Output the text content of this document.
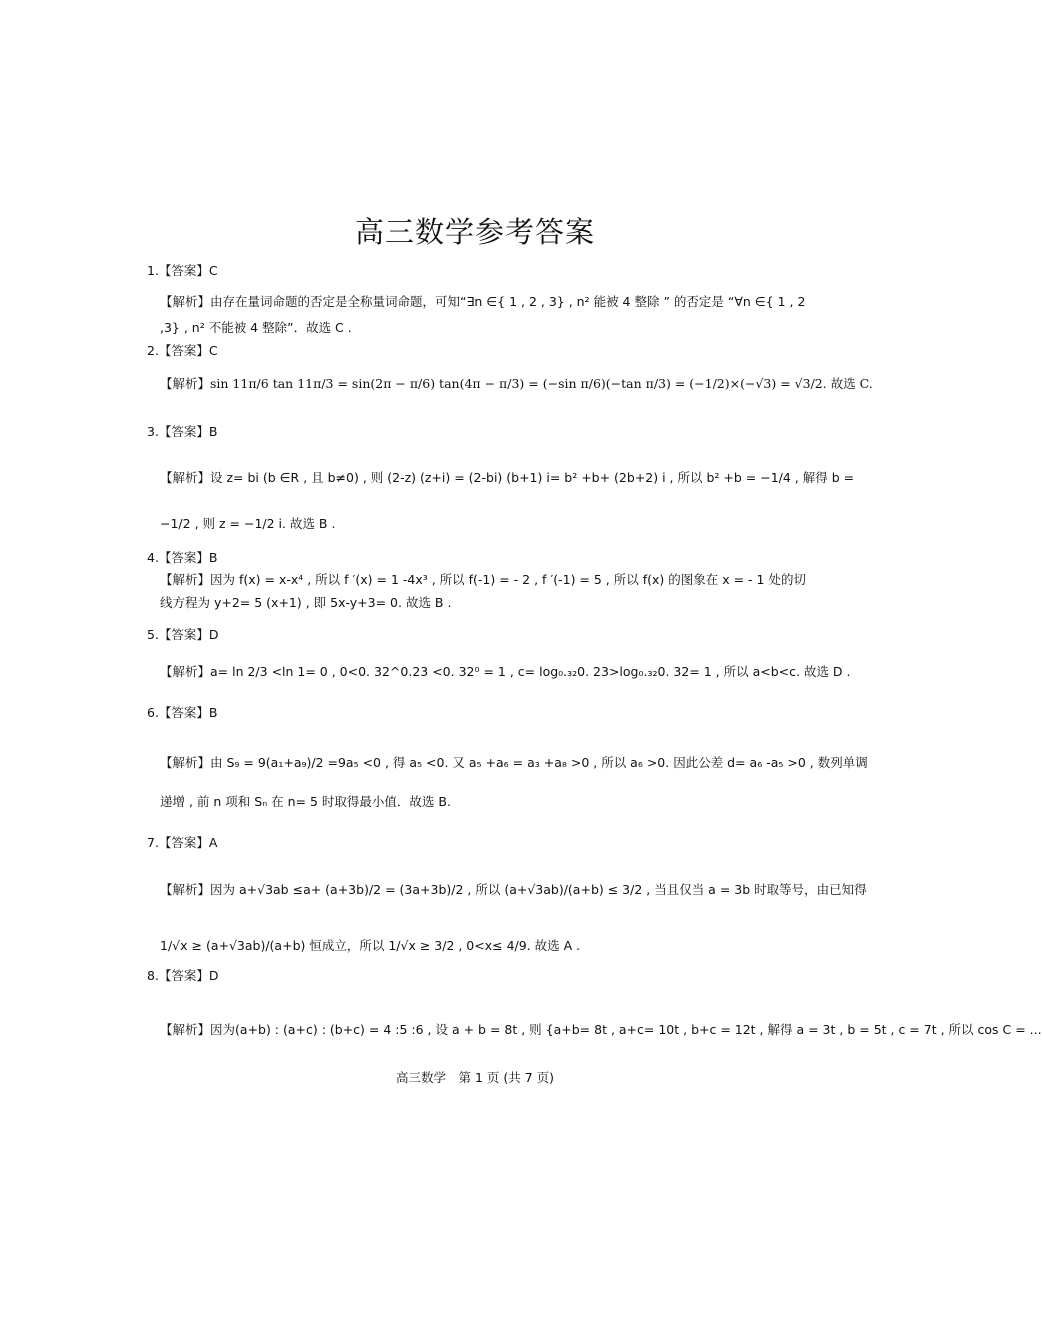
高三数学参考答案
1.【答案】C
【解析】由存在量词命题的否定是全称量词命题，可知“∃n ∈{ 1 , 2 , 3} , n² 能被 4 整除 ” 的否定是 “∀n ∈{ 1 , 2
,3} , n² 不能被 4 整除”．故选 C .
2.【答案】C
【解析】sin 11π/6 tan 11π/3 = sin(2π − π/6) tan(4π − π/3) = (−sin π/6)(−tan π/3) = (−1/2)×(−√3) = √3/2. 故选 C.
3.【答案】B
【解析】设 z= bi (b ∈R , 且 b≠0) , 则 (2-z) (z+i) = (2-bi) (b+1) i= b² +b+ (2b+2) i , 所以 b² +b = −1/4 , 解得 b =
−1/2 , 则 z = −1/2 i. 故选 B .
4.【答案】B
【解析】因为 f(x) = x-x⁴ , 所以 f ′(x) = 1 -4x³ , 所以 f(-1) = - 2 , f ′(-1) = 5 , 所以 f(x) 的图象在 x = - 1 处的切
线方程为 y+2= 5 (x+1) , 即 5x-y+3= 0. 故选 B .
5.【答案】D
【解析】a= ln 2/3 <ln 1= 0 , 0<0. 32^0.23 <0. 32⁰ = 1 , c= log₀.₃₂0. 23>log₀.₃₂0. 32= 1 , 所以 a<b<c. 故选 D .
6.【答案】B
【解析】由 S₉ = 9(a₁+a₉)/2 =9a₅ <0 , 得 a₅ <0. 又 a₅ +a₆ = a₃ +a₈ >0 , 所以 a₆ >0. 因此公差 d= a₆ -a₅ >0 , 数列单调
递增 , 前 n 项和 Sₙ 在 n= 5 时取得最小值．故选 B.
7.【答案】A
【解析】因为 a+√3ab ≤a+ (a+3b)/2 = (3a+3b)/2 , 所以 (a+√3ab)/(a+b) ≤ 3/2 , 当且仅当 a = 3b 时取等号，由已知得
1/√x ≥ (a+√3ab)/(a+b) 恒成立，所以 1/√x ≥ 3/2 , 0<x≤ 4/9. 故选 A .
8.【答案】D
【解析】因为(a+b) : (a+c) : (b+c) = 4 :5 :6 , 设 a + b = 8t , 则 {a+b= 8t , a+c= 10t , b+c = 12t , 解得 a = 3t , b = 5t , c = 7t , 所以 cos C = ...
高三数学　第 1 页 (共 7 页)
